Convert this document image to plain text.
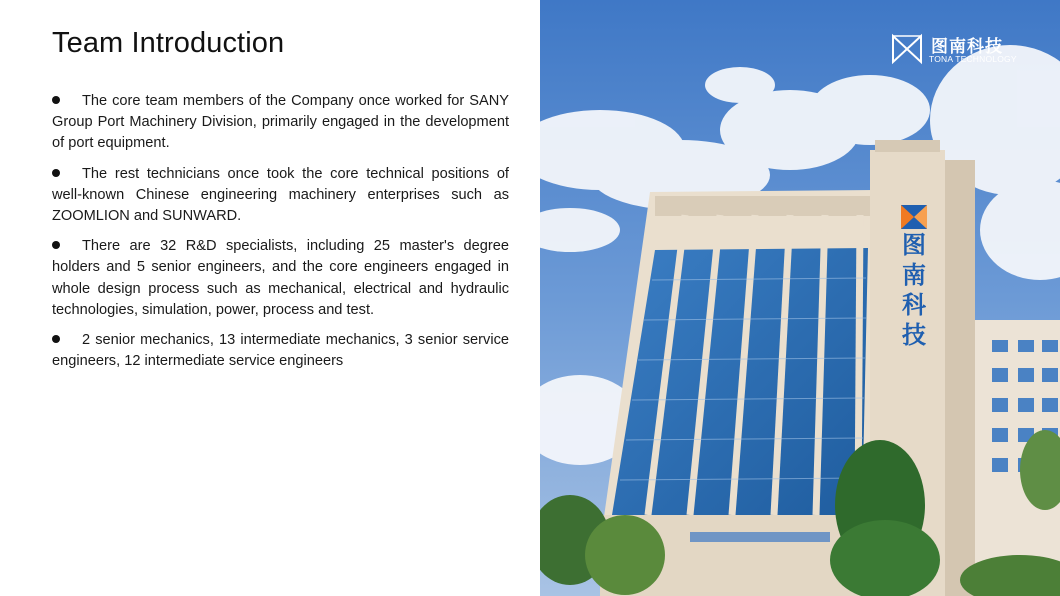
Team Introduction
The core team members of the Company once worked for SANY Group Port Machinery Division, primarily engaged in the development of port equipment.
The rest technicians once took the core technical positions of well-known Chinese engineering machinery enterprises such as ZOOMLION and SUNWARD.
There are 32 R&D specialists, including 25 master's degree holders and 5 senior engineers, and the core engineers engaged in whole design process such as mechanical, electrical and hydraulic technologies, simulation, power, process and test.
2 senior mechanics, 13 intermediate mechanics, 3 senior service engineers, 12 intermediate service engineers
图
南
科
技
图南科技
TONA TECHNOLOGY
